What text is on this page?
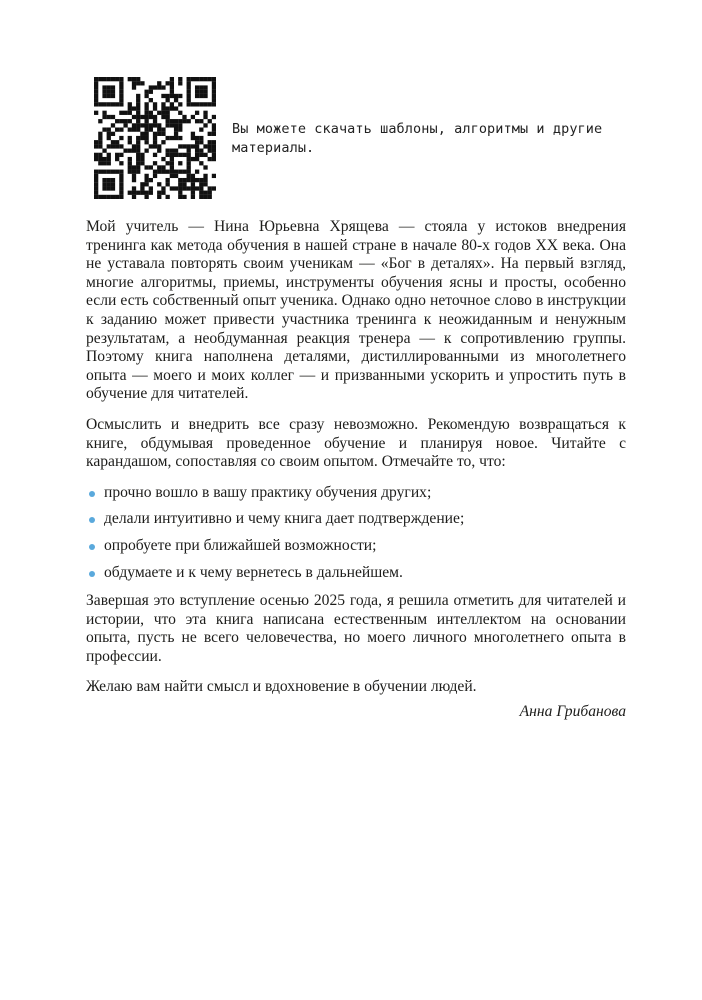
Вы можете скачать шаблоны, алгоритмы и другие материалы.

Мой учитель — Нина Юрьевна Хрящева — стояла у истоков внедрения тренинга как метода обучения в нашей стране в начале 80-х годов XX века. Она не уставала повторять своим ученикам — «Бог в деталях». На первый взгляд, многие алгоритмы, приемы, инструменты обучения ясны и просты, особенно если есть собственный опыт ученика. Однако одно неточное слово в инструкции к заданию может привести участника тренинга к неожиданным и ненужным результатам, а необдуманная реакция тренера — к сопротивлению группы. Поэтому книга наполнена деталями, дистиллированными из многолетнего опыта — моего и моих коллег — и призванными ускорить и упростить путь в обучение для читателей.

Осмыслить и внедрить все сразу невозможно. Рекомендую возвращаться к книге, обдумывая проведенное обучение и планируя новое. Читайте с карандашом, сопоставляя со своим опытом. Отмечайте то, что:

прочно вошло в вашу практику обучения других;
делали интуитивно и чему книга дает подтверждение;
опробуете при ближайшей возможности;
обдумаете и к чему вернетесь в дальнейшем.

Завершая это вступление осенью 2025 года, я решила отметить для читателей и истории, что эта книга написана естественным интеллектом на основании опыта, пусть не всего человечества, но моего личного многолетнего опыта в профессии.

Желаю вам найти смысл и вдохновение в обучении людей.

Анна Грибанова
